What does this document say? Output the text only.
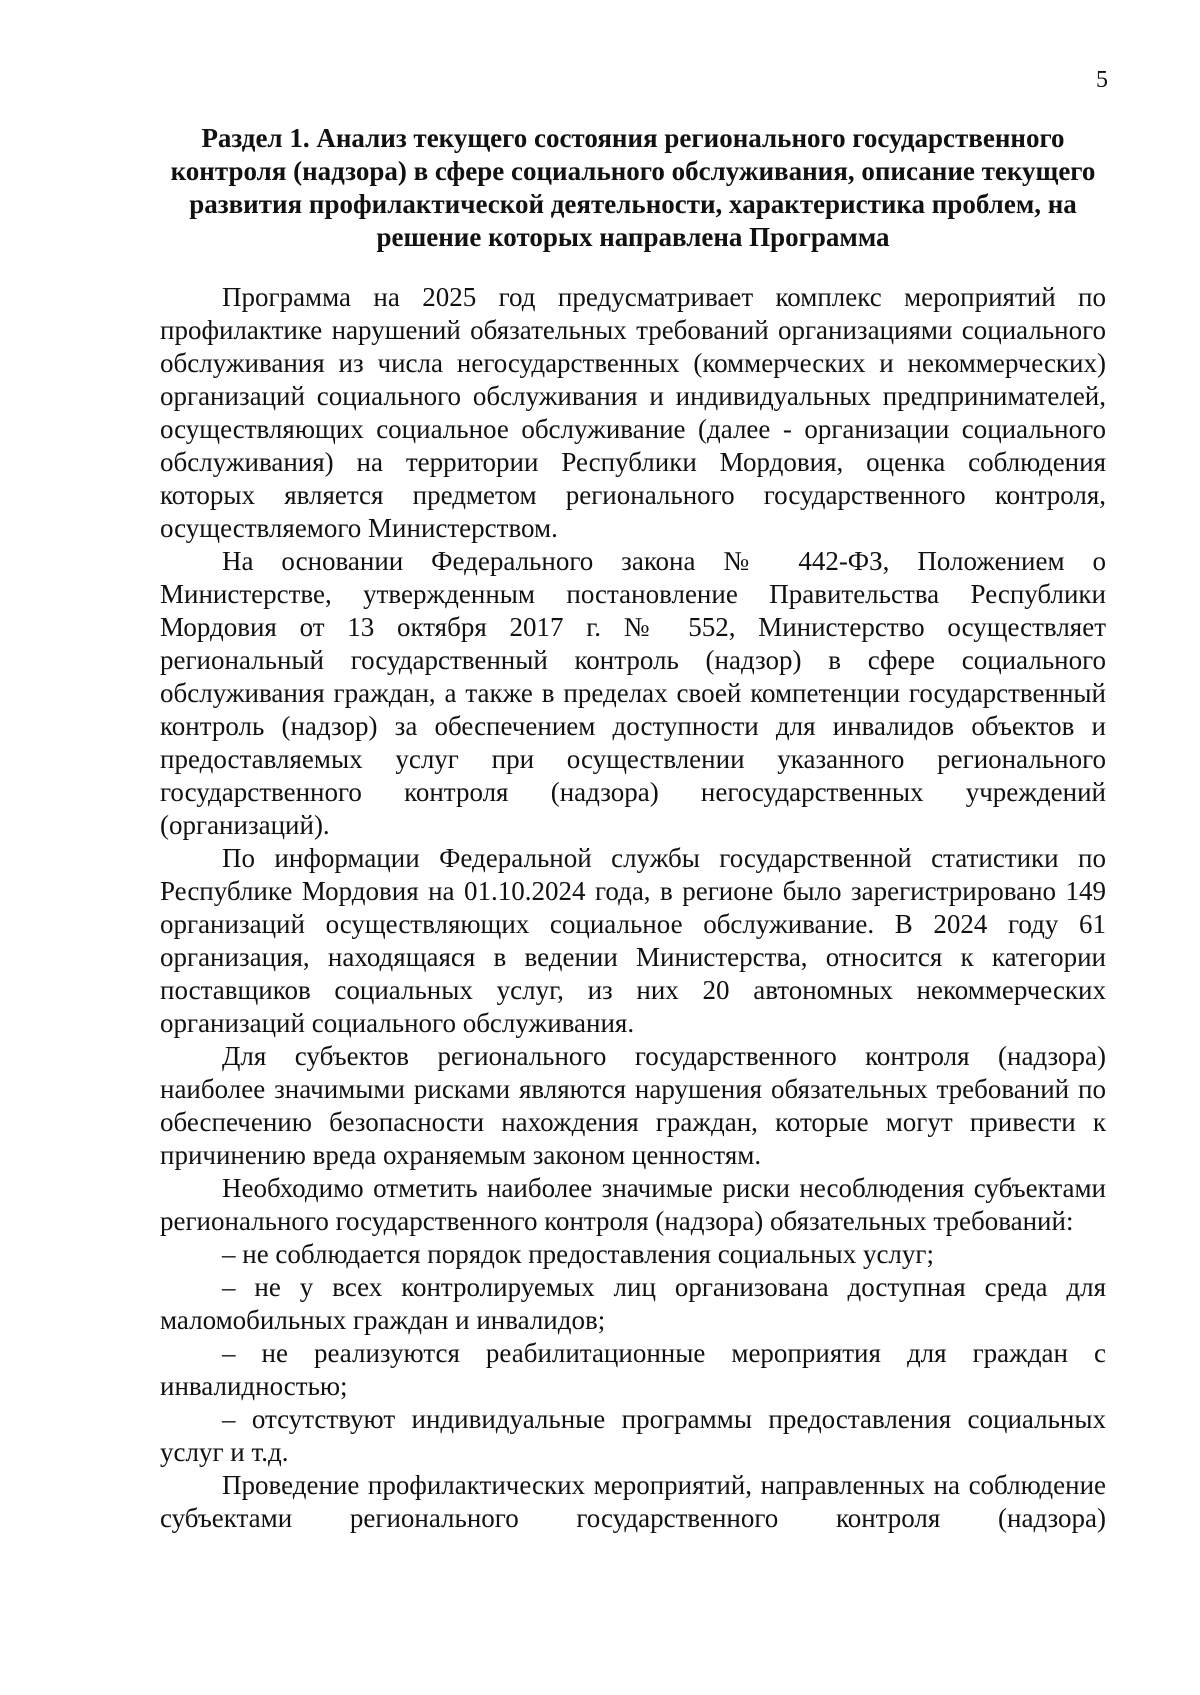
5
Раздел 1. Анализ текущего состояния регионального государственного контроля (надзора) в сфере социального обслуживания, описание текущего развития профилактической деятельности, характеристика проблем, на решение которых направлена Программа

Программа на 2025 год предусматривает комплекс мероприятий по профилактике нарушений обязательных требований организациями социального обслуживания из числа негосударственных (коммерческих и некоммерческих) организаций социального обслуживания и индивидуальных предпринимателей, осуществляющих социальное обслуживание (далее - организации социального обслуживания) на территории Республики Мордовия, оценка соблюдения которых является предметом регионального государственного контроля, осуществляемого Министерством.

На основании Федерального закона № 442-ФЗ, Положением о Министерстве, утвержденным постановление Правительства Республики Мордовия от 13 октября 2017 г. № 552, Министерство осуществляет региональный государственный контроль (надзор) в сфере социального обслуживания граждан, а также в пределах своей компетенции государственный контроль (надзор) за обеспечением доступности для инвалидов объектов и предоставляемых услуг при осуществлении указанного регионального государственного контроля (надзора) негосударственных учреждений (организаций).

По информации Федеральной службы государственной статистики по Республике Мордовия на 01.10.2024 года, в регионе было зарегистрировано 149 организаций осуществляющих социальное обслуживание. В 2024 году 61 организация, находящаяся в ведении Министерства, относится к категории поставщиков социальных услуг, из них 20 автономных некоммерческих организаций социального обслуживания.

Для субъектов регионального государственного контроля (надзора) наиболее значимыми рисками являются нарушения обязательных требований по обеспечению безопасности нахождения граждан, которые могут привести к причинению вреда охраняемым законом ценностям.

Необходимо отметить наиболее значимые риски несоблюдения субъектами регионального государственного контроля (надзора) обязательных требований:

– не соблюдается порядок предоставления социальных услуг;

– не у всех контролируемых лиц организована доступная среда для маломобильных граждан и инвалидов;

– не реализуются реабилитационные мероприятия для граждан с инвалидностью;

– отсутствуют индивидуальные программы предоставления социальных услуг и т.д.

Проведение профилактических мероприятий, направленных на соблюдение субъектами регионального государственного контроля (надзора)
